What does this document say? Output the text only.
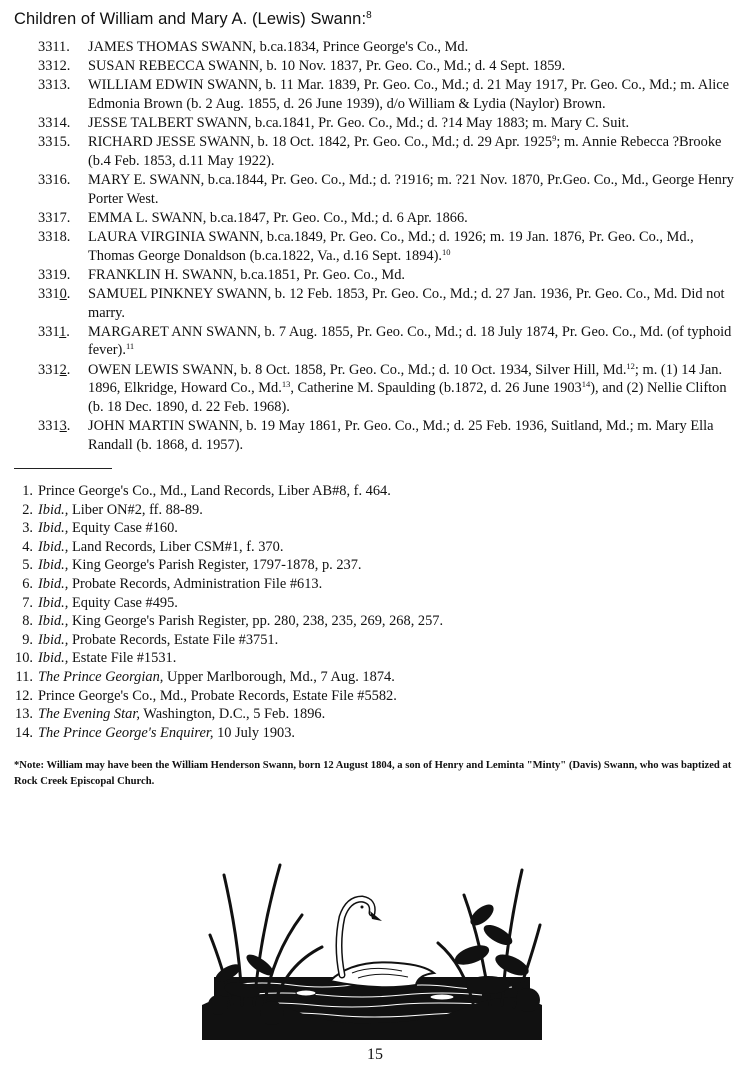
Children of William and Mary A. (Lewis) Swann:$^8$
3311.	JAMES THOMAS SWANN, b.ca.1834, Prince George's Co., Md.
3312.	SUSAN REBECCA SWANN, b. 10 Nov. 1837, Pr. Geo. Co., Md.; d. 4 Sept. 1859.
3313.	WILLIAM EDWIN SWANN, b. 11 Mar. 1839, Pr. Geo. Co., Md.; d. 21 May 1917, Pr. Geo. Co., Md.; m. Alice Edmonia Brown (b. 2 Aug. 1855, d. 26 June 1939), d/o William & Lydia (Naylor) Brown.
3314.	JESSE TALBERT SWANN, b.ca.1841, Pr. Geo. Co., Md.; d. ?14 May 1883; m. Mary C. Suit.
3315.	RICHARD JESSE SWANN, b. 18 Oct. 1842, Pr. Geo. Co., Md.; d. 29 Apr. 1925$^9$; m. Annie Rebecca ?Brooke (b.4 Feb. 1853, d.11 May 1922).
3316.	MARY E. SWANN, b.ca.1844, Pr. Geo. Co., Md.; d. ?1916; m. ?21 Nov. 1870, Pr.Geo. Co., Md., George Henry Porter West.
3317.	EMMA L. SWANN, b.ca.1847, Pr. Geo. Co., Md.; d. 6 Apr. 1866.
3318.	LAURA VIRGINIA SWANN, b.ca.1849, Pr. Geo. Co., Md.; d. 1926; m. 19 Jan. 1876, Pr. Geo. Co., Md., Thomas George Donaldson (b.ca.1822, Va., d.16 Sept. 1894).$^{10}$
3319.	FRANKLIN H. SWANN, b.ca.1851, Pr. Geo. Co., Md.
3310.	SAMUEL PINKNEY SWANN, b. 12 Feb. 1853, Pr. Geo. Co., Md.; d. 27 Jan. 1936, Pr. Geo. Co., Md. Did not marry.
3311.	MARGARET ANN SWANN, b. 7 Aug. 1855, Pr. Geo. Co., Md.; d. 18 July 1874, Pr. Geo. Co., Md. (of typhoid fever).$^{11}$
3312.	OWEN LEWIS SWANN, b. 8 Oct. 1858, Pr. Geo. Co., Md.; d. 10 Oct. 1934, Silver Hill, Md.$^{12}$; m. (1) 14 Jan. 1896, Elkridge, Howard Co., Md.$^{13}$, Catherine M. Spaulding (b.1872, d. 26 June 1903$^{14}$), and (2) Nellie Clifton (b. 18 Dec. 1890, d. 22 Feb. 1968).
3313.	JOHN MARTIN SWANN, b. 19 May 1861, Pr. Geo. Co., Md.; d. 25 Feb. 1936, Suitland, Md.; m. Mary Ella Randall (b. 1868, d. 1957).
1. Prince George's Co., Md., Land Records, Liber AB#8, f. 464.
2. Ibid., Liber ON#2, ff. 88-89.
3. Ibid., Equity Case #160.
4. Ibid., Land Records, Liber CSM#1, f. 370.
5. Ibid., King George's Parish Register, 1797-1878, p. 237.
6. Ibid., Probate Records, Administration File #613.
7. Ibid., Equity Case #495.
8. Ibid., King George's Parish Register, pp. 280, 238, 235, 269, 268, 257.
9. Ibid., Probate Records, Estate File #3751.
10. Ibid., Estate File #1531.
11. The Prince Georgian, Upper Marlborough, Md., 7 Aug. 1874.
12. Prince George's Co., Md., Probate Records, Estate File #5582.
13. The Evening Star, Washington, D.C., 5 Feb. 1896.
14. The Prince George's Enquirer, 10 July 1903.
*Note: William may have been the William Henderson Swann, born 12 August 1804, a son of Henry and Leminta "Minty" (Davis) Swann, who was baptized at Rock Creek Episcopal Church.
15
